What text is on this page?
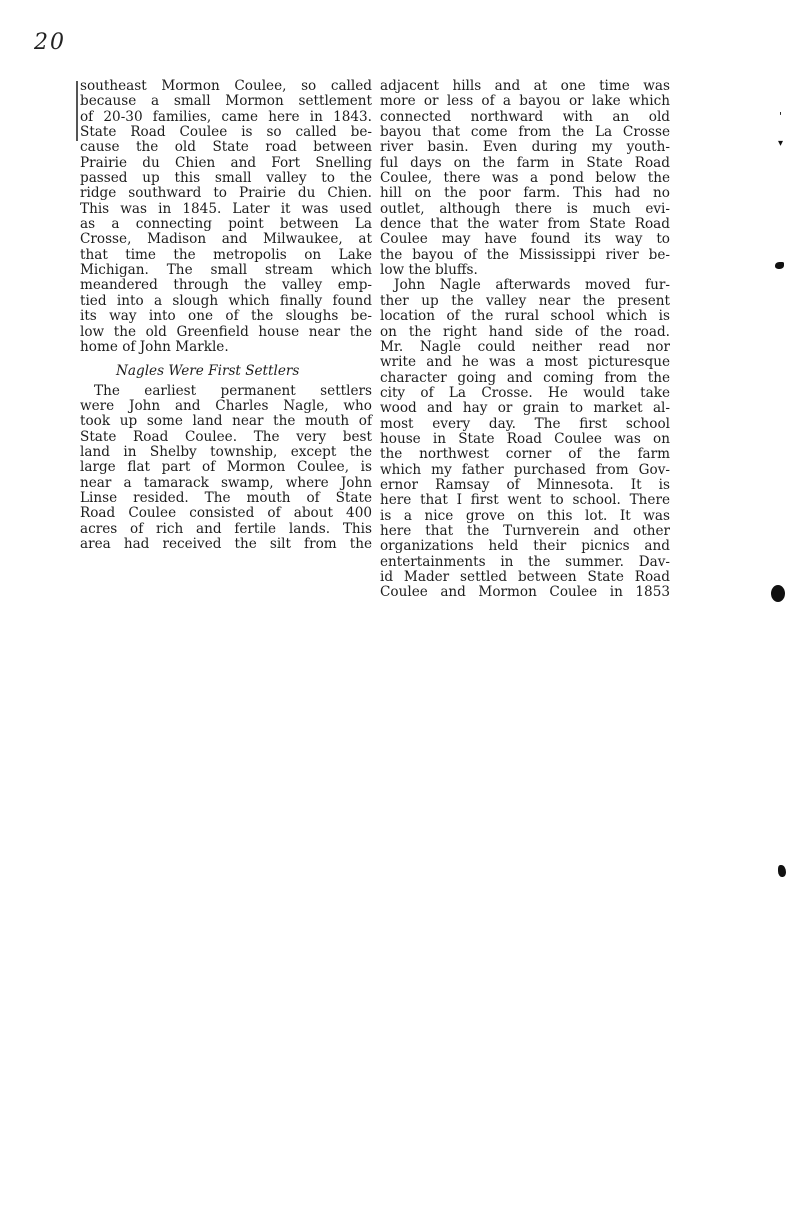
20
southeast Mormon Coulee, so called
because a small Mormon settlement
of 20-30 families, came here in 1843.
State Road Coulee is so called be-
cause the old State road between
Prairie du Chien and Fort Snelling
passed up this small valley to the
ridge southward to Prairie du Chien.
This was in 1845. Later it was used
as a connecting point between La
Crosse, Madison and Milwaukee, at
that time the metropolis on Lake
Michigan. The small stream which
meandered through the valley emp-
tied into a slough which finally found
its way into one of the sloughs be-
low the old Greenfield house near the
home of John Markle.
Nagles Were First Settlers
The earliest permanent settlers
were John and Charles Nagle, who
took up some land near the mouth of
State Road Coulee. The very best
land in Shelby township, except the
large flat part of Mormon Coulee, is
near a tamarack swamp, where John
Linse resided. The mouth of State
Road Coulee consisted of about 400
acres of rich and fertile lands. This
area had received the silt from the
adjacent hills and at one time was
more or less of a bayou or lake which
connected northward with an old
bayou that come from the La Crosse
river basin. Even during my youth-
ful days on the farm in State Road
Coulee, there was a pond below the
hill on the poor farm. This had no
outlet, although there is much evi-
dence that the water from State Road
Coulee may have found its way to
the bayou of the Mississippi river be-
low the bluffs.
John Nagle afterwards moved fur-
ther up the valley near the present
location of the rural school which is
on the right hand side of the road.
Mr. Nagle could neither read nor
write and he was a most picturesque
character going and coming from the
city of La Crosse. He would take
wood and hay or grain to market al-
most every day. The first school
house in State Road Coulee was on
the northwest corner of the farm
which my father purchased from Gov-
ernor Ramsay of Minnesota. It is
here that I first went to school. There
is a nice grove on this lot. It was
here that the Turnverein and other
organizations held their picnics and
entertainments in the summer. Dav-
id Mader settled between State Road
Coulee and Mormon Coulee in 1853
'
▾
